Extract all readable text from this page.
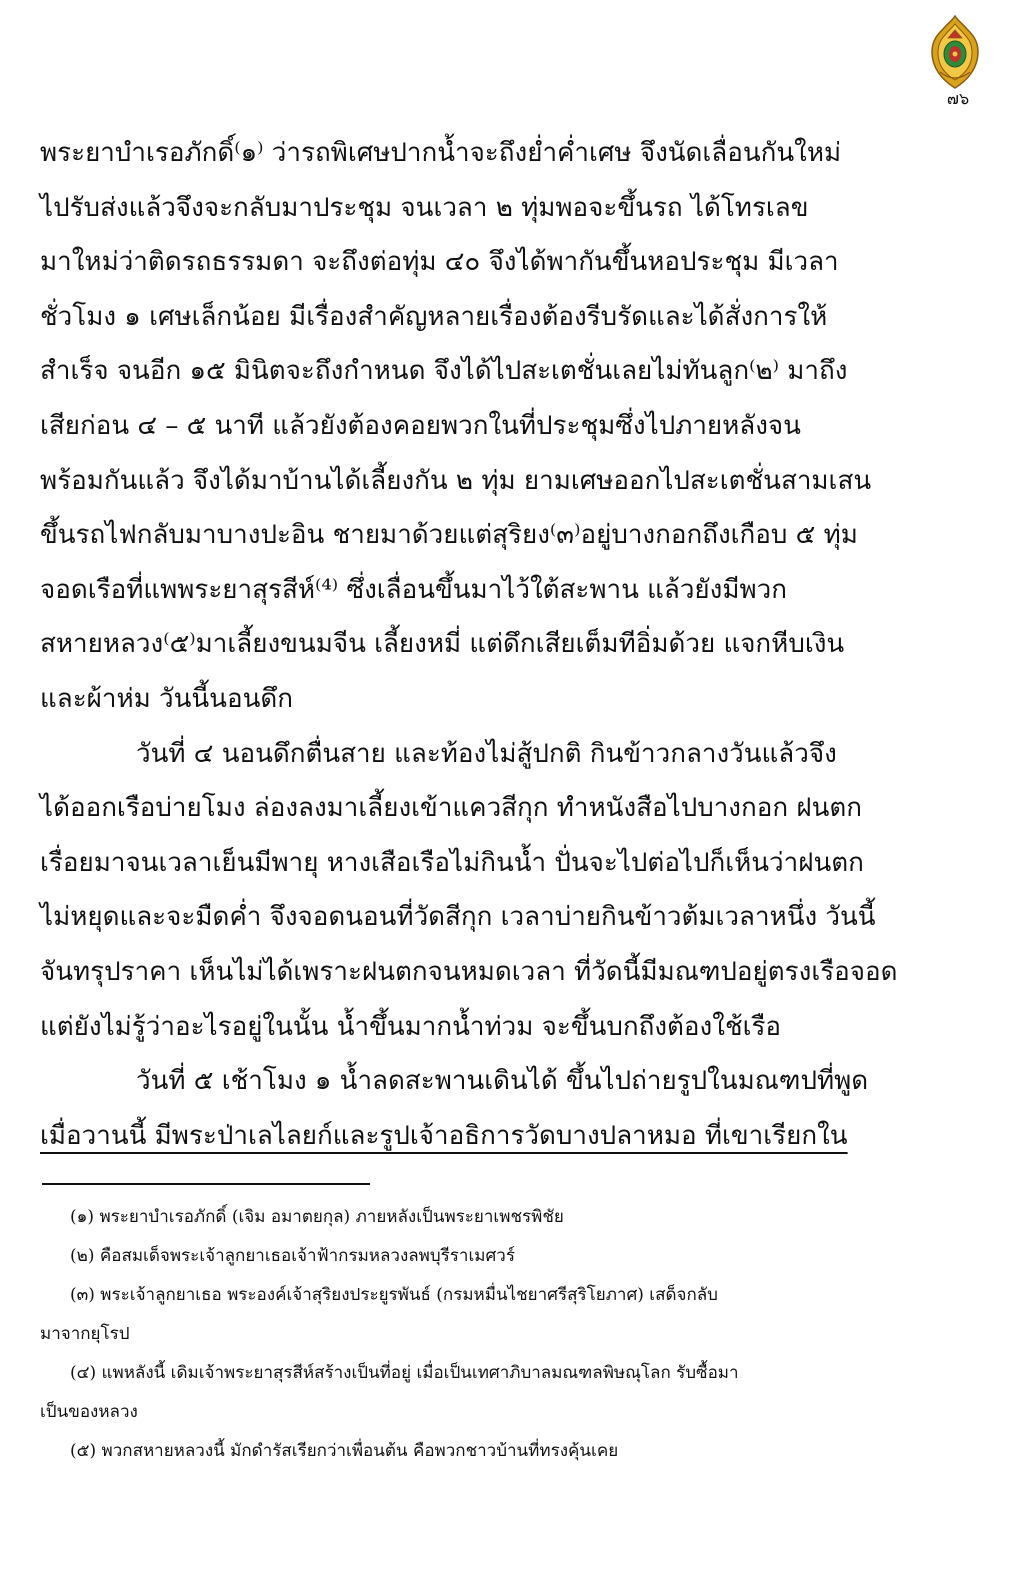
๗๖
พระยาบำเรอภักดิ์⁽๑⁾ ว่ารถพิเศษปากน้ำจะถึงย่ำค่ำเศษ จึงนัดเลื่อนกันใหม่
ไปรับส่งแล้วจึงจะกลับมาประชุม จนเวลา ๒ ทุ่มพอจะขึ้นรถ ได้โทรเลข
มาใหม่ว่าติดรถธรรมดา จะถึงต่อทุ่ม ๔๐ จึงได้พากันขึ้นหอประชุม มีเวลา
ชั่วโมง ๑ เศษเล็กน้อย มีเรื่องสำคัญหลายเรื่องต้องรีบรัดและได้สั่งการให้
สำเร็จ จนอีก ๑๕ มินิตจะถึงกำหนด จึงได้ไปสะเตชั่นเลยไม่ทันลูก⁽๒⁾ มาถึง
เสียก่อน ๔ – ๕ นาที แล้วยังต้องคอยพวกในที่ประชุมซึ่งไปภายหลังจน
พร้อมกันแล้ว จึงได้มาบ้านได้เลี้ยงกัน ๒ ทุ่ม ยามเศษออกไปสะเตชั่นสามเสน
ขึ้นรถไฟกลับมาบางปะอิน ชายมาด้วยแต่สุริยง⁽๓⁾อยู่บางกอกถึงเกือบ ๕ ทุ่ม
จอดเรือที่แพพระยาสุรสีห์⁽⁴⁾ ซึ่งเลื่อนขึ้นมาไว้ใต้สะพาน แล้วยังมีพวก
สหายหลวง⁽๕⁾มาเลี้ยงขนมจีน เลี้ยงหมี่ แต่ดึกเสียเต็มทีอิ่มด้วย แจกหีบเงิน
และผ้าห่ม วันนี้นอนดึก
วันที่ ๔ นอนดึกตื่นสาย และท้องไม่สู้ปกติ กินข้าวกลางวันแล้วจึง
ได้ออกเรือบ่ายโมง ล่องลงมาเลี้ยงเข้าแควสีกุก ทำหนังสือไปบางกอก ฝนตก
เรื่อยมาจนเวลาเย็นมีพายุ หางเสือเรือไม่กินน้ำ ปั่นจะไปต่อไปก็เห็นว่าฝนตก
ไม่หยุดและจะมืดค่ำ จึงจอดนอนที่วัดสีกุก เวลาบ่ายกินข้าวต้มเวลาหนึ่ง วันนี้
จันทรุปราคา เห็นไม่ได้เพราะฝนตกจนหมดเวลา ที่วัดนี้มีมณฑปอยู่ตรงเรือจอด
แต่ยังไม่รู้ว่าอะไรอยู่ในนั้น น้ำขึ้นมากน้ำท่วม จะขึ้นบกถึงต้องใช้เรือ
วันที่ ๕ เช้าโมง ๑ น้ำลดสะพานเดินได้ ขึ้นไปถ่ายรูปในมณฑปที่พูด
เมื่อวานนี้ มีพระป่าเลไลยก์และรูปเจ้าอธิการวัดบางปลาหมอ ที่เขาเรียกใน
(๑) พระยาบำเรอภักดิ์ (เจิม อมาตยกุล) ภายหลังเป็นพระยาเพชรพิชัย
(๒) คือสมเด็จพระเจ้าลูกยาเธอเจ้าฟ้ากรมหลวงลพบุรีราเมศวร์
(๓) พระเจ้าลูกยาเธอ พระองค์เจ้าสุริยงประยูรพันธ์ (กรมหมื่นไชยาศรีสุริโยภาศ) เสด็จกลับ
มาจากยุโรป
(๔) แพหลังนี้ เดิมเจ้าพระยาสุรสีห์สร้างเป็นที่อยู่ เมื่อเป็นเทศาภิบาลมณฑลพิษณุโลก รับซื้อมา
เป็นของหลวง
(๕) พวกสหายหลวงนี้ มักดำรัสเรียกว่าเพื่อนต้น คือพวกชาวบ้านที่ทรงคุ้นเคย
